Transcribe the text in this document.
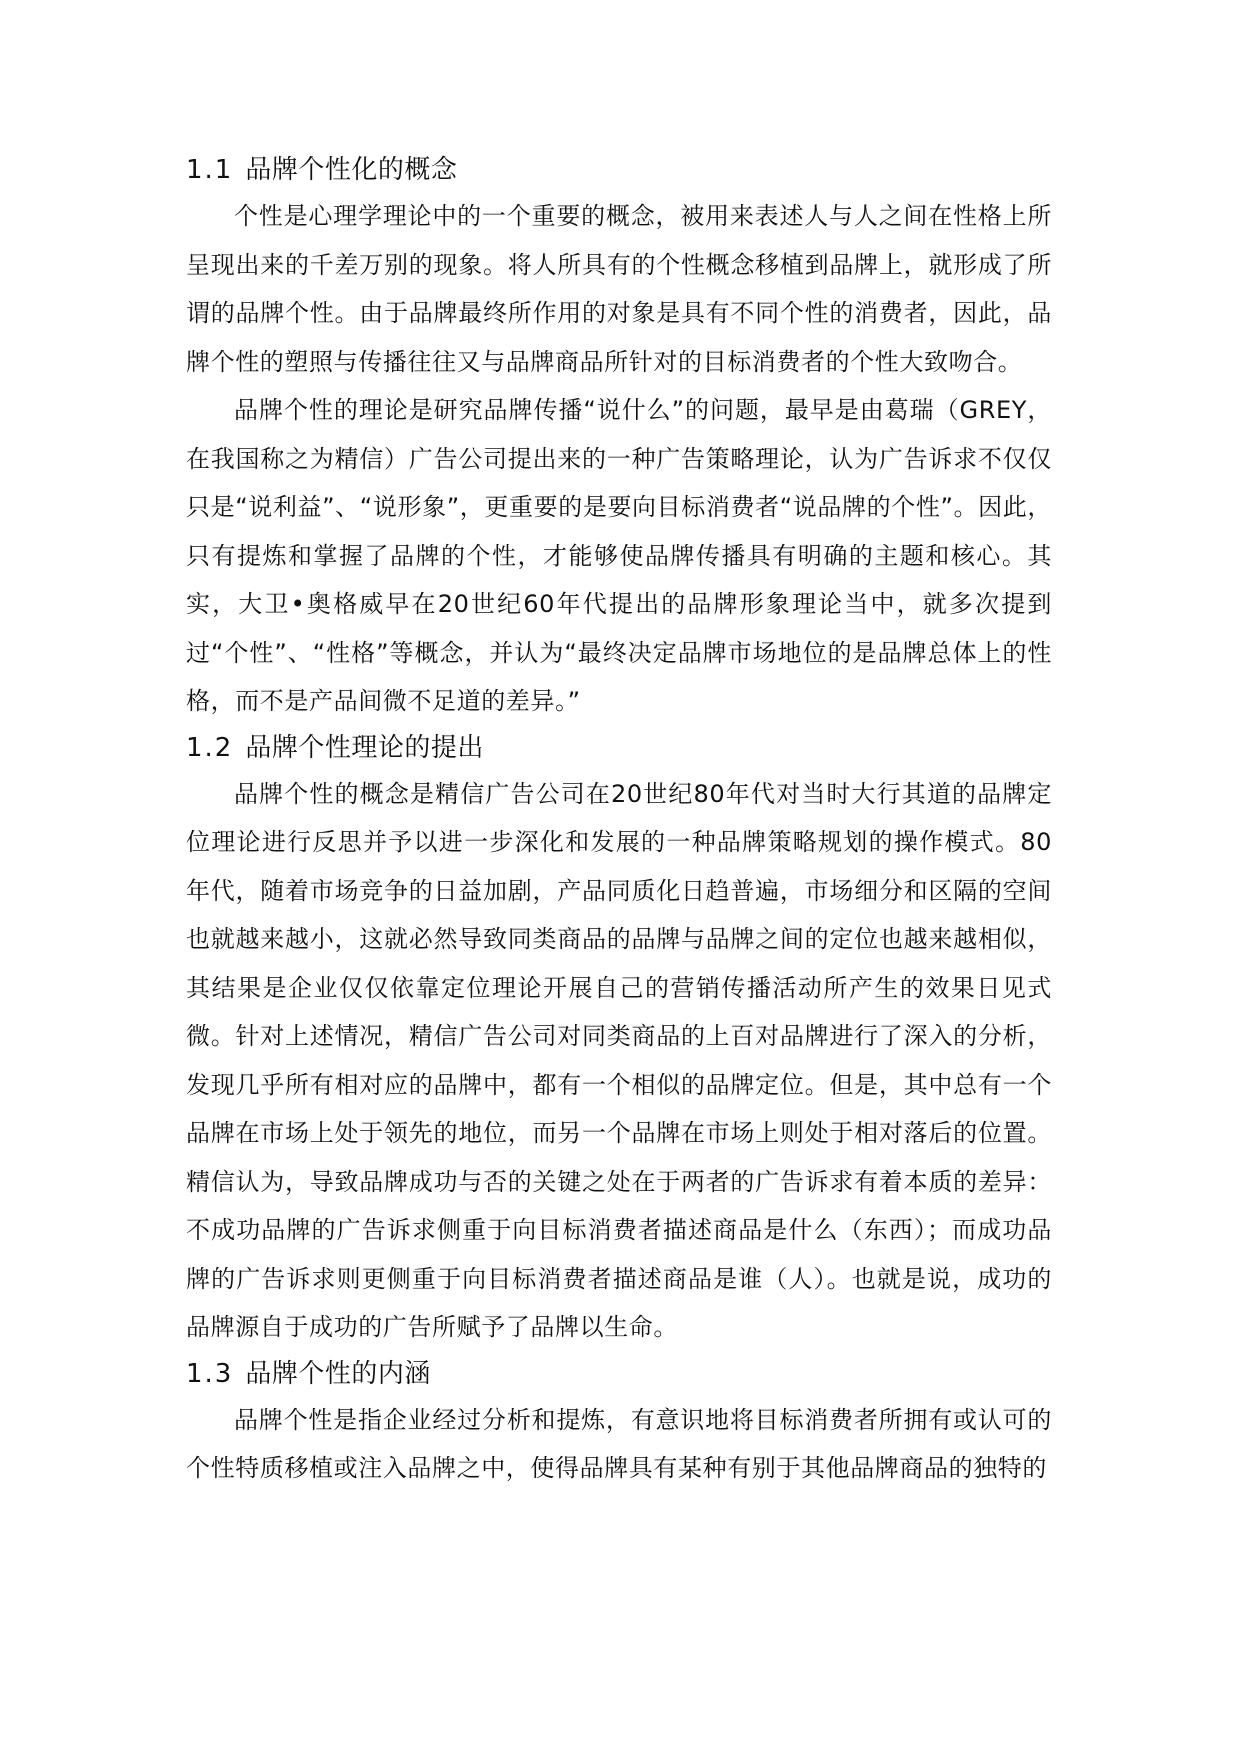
1.1 品牌个性化的概念

个性是心理学理论中的一个重要的概念，被用来表述人与人之间在性格上所呈现出来的千差万别的现象。将人所具有的个性概念移植到品牌上，就形成了所谓的品牌个性。由于品牌最终所作用的对象是具有不同个性的消费者，因此，品牌个性的塑照与传播往往又与品牌商品所针对的目标消费者的个性大致吻合。

品牌个性的理论是研究品牌传播“说什么”的问题，最早是由葛瑞（GREY，在我国称之为精信）广告公司提出来的一种广告策略理论，认为广告诉求不仅仅只是“说利益”、“说形象”，更重要的是要向目标消费者“说品牌的个性”。因此，只有提炼和掌握了品牌的个性，才能够使品牌传播具有明确的主题和核心。其实，大卫•奥格威早在20世纪60年代提出的品牌形象理论当中，就多次提到过“个性”、“性格”等概念，并认为“最终决定品牌市场地位的是品牌总体上的性格，而不是产品间微不足道的差异。”

1.2 品牌个性理论的提出

品牌个性的概念是精信广告公司在20世纪80年代对当时大行其道的品牌定位理论进行反思并予以进一步深化和发展的一种品牌策略规划的操作模式。80年代，随着市场竞争的日益加剧，产品同质化日趋普遍，市场细分和区隔的空间也就越来越小，这就必然导致同类商品的品牌与品牌之间的定位也越来越相似，其结果是企业仅仅依靠定位理论开展自己的营销传播活动所产生的效果日见式微。针对上述情况，精信广告公司对同类商品的上百对品牌进行了深入的分析，发现几乎所有相对应的品牌中，都有一个相似的品牌定位。但是，其中总有一个品牌在市场上处于领先的地位，而另一个品牌在市场上则处于相对落后的位置。精信认为，导致品牌成功与否的关键之处在于两者的广告诉求有着本质的差异：不成功品牌的广告诉求侧重于向目标消费者描述商品是什么（东西）；而成功品牌的广告诉求则更侧重于向目标消费者描述商品是谁（人）。也就是说，成功的品牌源自于成功的广告所赋予了品牌以生命。

1.3 品牌个性的内涵

品牌个性是指企业经过分析和提炼，有意识地将目标消费者所拥有或认可的个性特质移植或注入品牌之中，使得品牌具有某种有别于其他品牌商品的独特的
